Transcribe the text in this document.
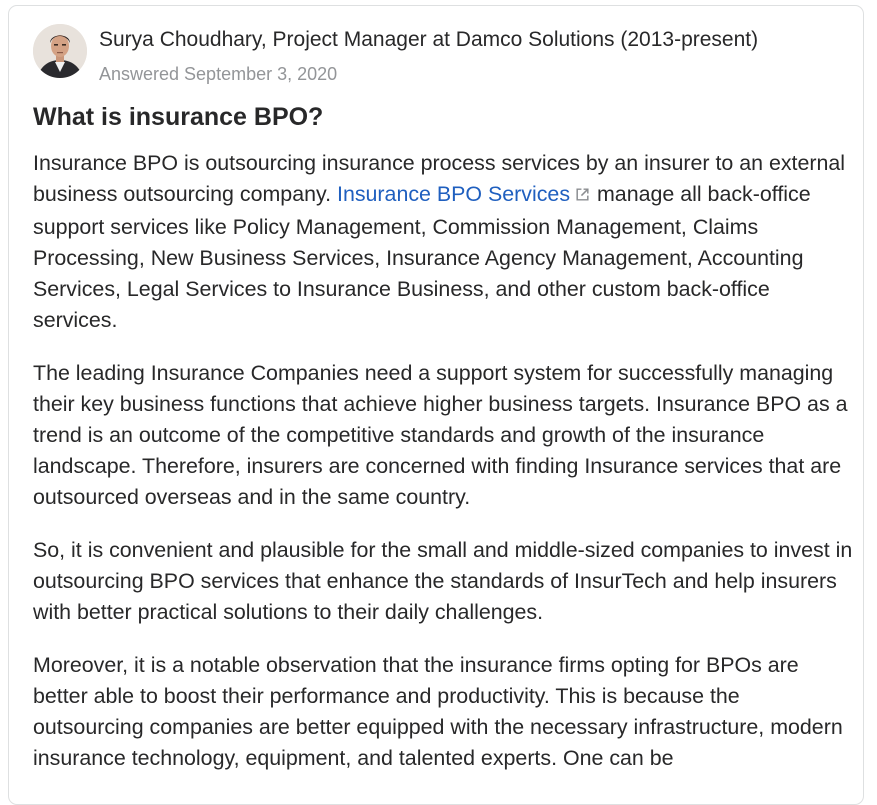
Surya Choudhary, Project Manager at Damco Solutions (2013-present)
Answered September 3, 2020
What is insurance BPO?

Insurance BPO is outsourcing insurance process services by an insurer to an external business outsourcing company. Insurance BPO Services manage all back-office support services like Policy Management, Commission Management, Claims Processing, New Business Services, Insurance Agency Management, Accounting Services, Legal Services to Insurance Business, and other custom back-office services.

The leading Insurance Companies need a support system for successfully managing their key business functions that achieve higher business targets. Insurance BPO as a trend is an outcome of the competitive standards and growth of the insurance landscape. Therefore, insurers are concerned with finding Insurance services that are outsourced overseas and in the same country.

So, it is convenient and plausible for the small and middle-sized companies to invest in outsourcing BPO services that enhance the standards of InsurTech and help insurers with better practical solutions to their daily challenges.

Moreover, it is a notable observation that the insurance firms opting for BPOs are better able to boost their performance and productivity. This is because the outsourcing companies are better equipped with the necessary infrastructure, modern insurance technology, equipment, and talented experts. One can be
